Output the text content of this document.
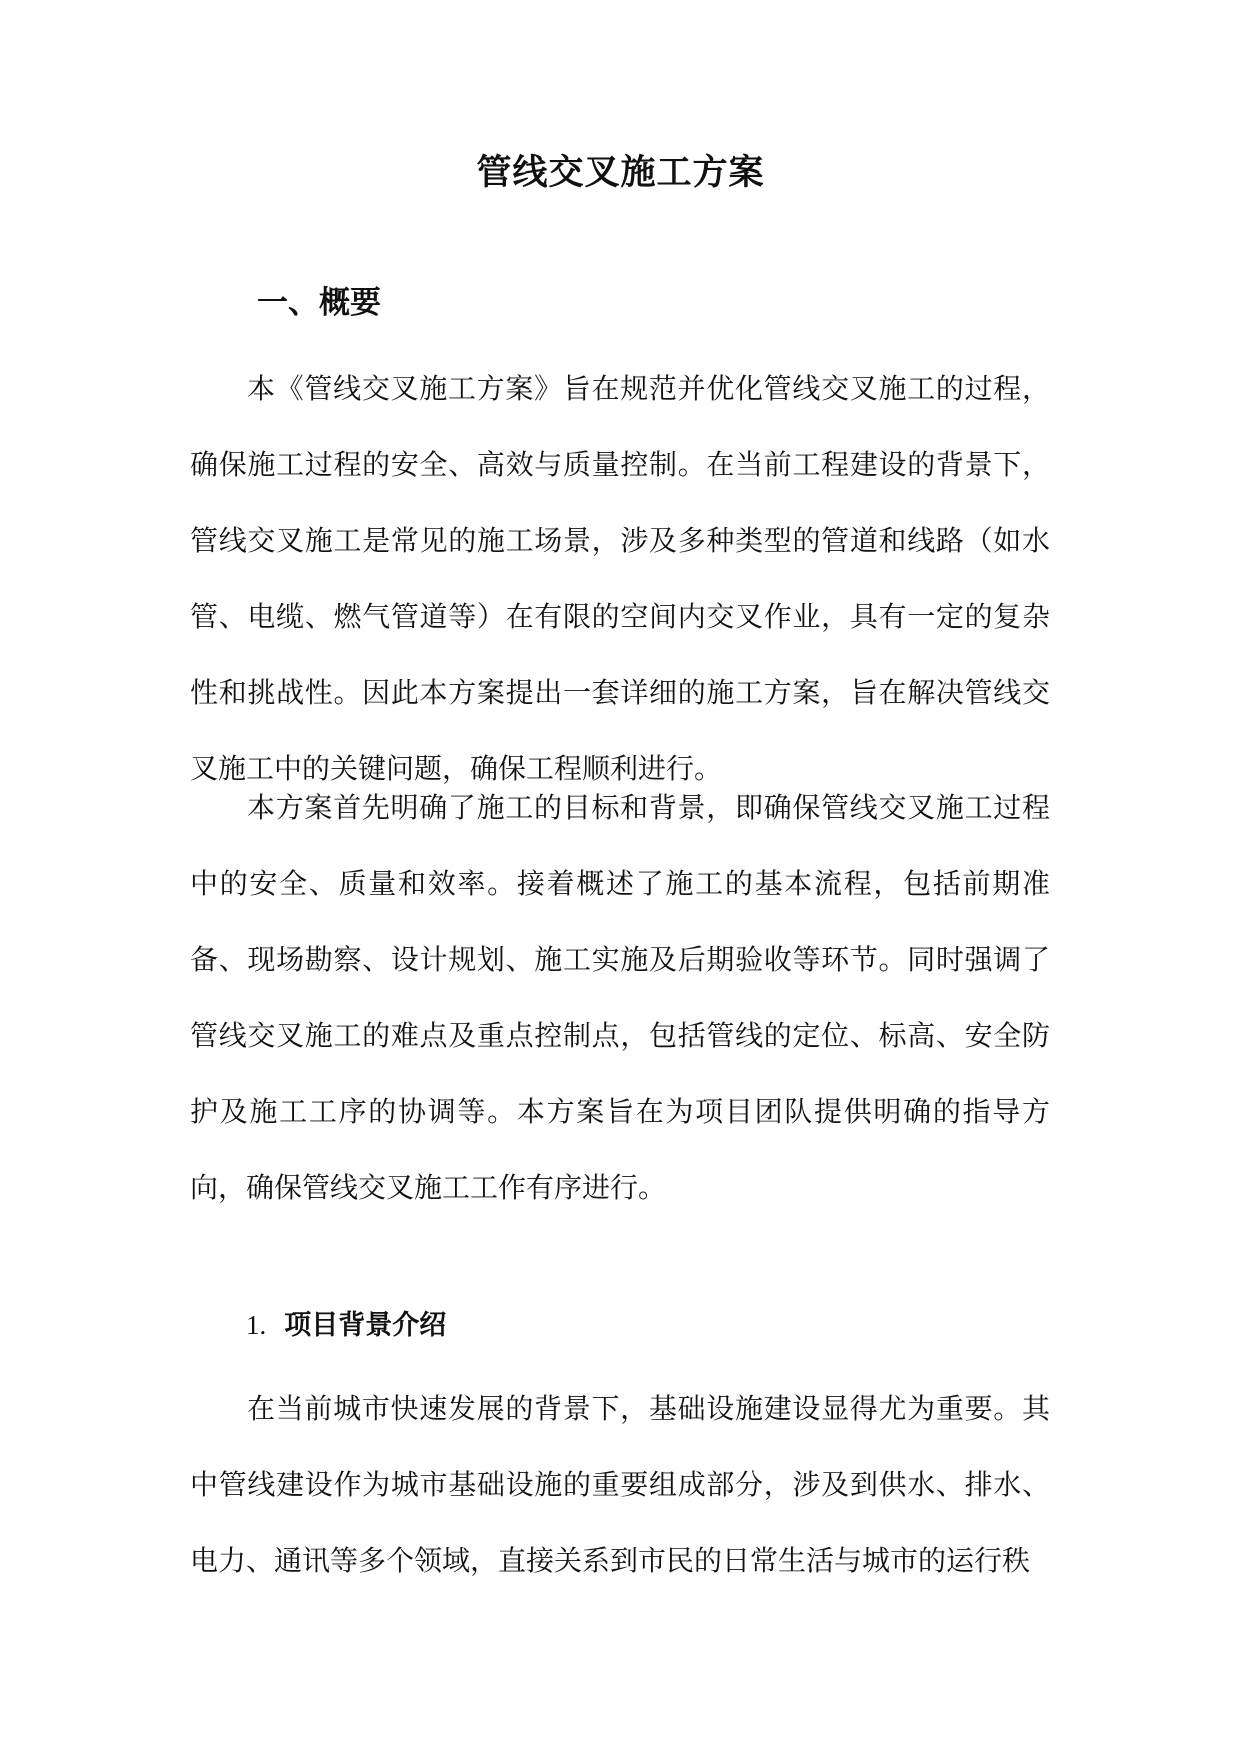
管线交叉施工方案
一、概要

本《管线交叉施工方案》旨在规范并优化管线交叉施工的过程，确保施工过程的安全、高效与质量控制。在当前工程建设的背景下，管线交叉施工是常见的施工场景，涉及多种类型的管道和线路（如水管、电缆、燃气管道等）在有限的空间内交叉作业，具有一定的复杂性和挑战性。因此本方案提出一套详细的施工方案，旨在解决管线交叉施工中的关键问题，确保工程顺利进行。

本方案首先明确了施工的目标和背景，即确保管线交叉施工过程中的安全、质量和效率。接着概述了施工的基本流程，包括前期准备、现场勘察、设计规划、施工实施及后期验收等环节。同时强调了管线交叉施工的难点及重点控制点，包括管线的定位、标高、安全防护及施工工序的协调等。本方案旨在为项目团队提供明确的指导方向，确保管线交叉施工工作有序进行。

1. 项目背景介绍

在当前城市快速发展的背景下，基础设施建设显得尤为重要。其中管线建设作为城市基础设施的重要组成部分，涉及到供水、排水、电力、通讯等多个领域，直接关系到市民的日常生活与城市的运行秩
